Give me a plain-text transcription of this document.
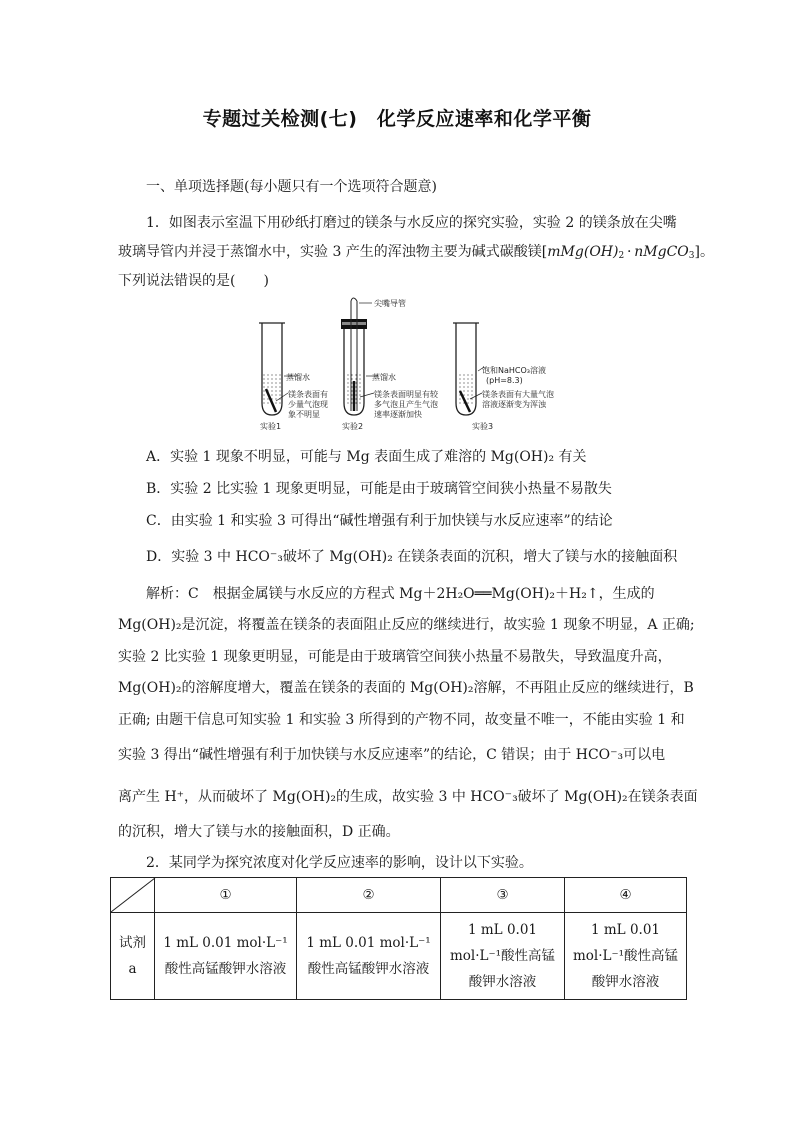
专题过关检测(七)　化学反应速率和化学平衡
一、单项选择题(每小题只有一个选项符合题意)
1．如图表示室温下用砂纸打磨过的镁条与水反应的探究实验，实验 2 的镁条放在尖嘴
玻璃导管内并浸于蒸馏水中，实验 3 产生的浑浊物主要为碱式碳酸镁[$mMg(OH)_2$  ·  nMgCO$_3$]。
下列说法错误的是(　　)
蒸馏水
镁条表面有
少量气泡现
象不明显
实验1
尖嘴导管
蒸馏水
镁条表面明显有较
多气泡且产生气泡
速率逐渐加快
实验2
饱和NaHCO₃溶液
(pH=8.3)
镁条表面有大量气泡
溶液逐渐变为浑浊
实验3
A．实验 1 现象不明显，可能与 Mg 表面生成了难溶的 Mg(OH)₂ 有关
B．实验 2 比实验 1 现象更明显，可能是由于玻璃管空间狭小热量不易散失
C．由实验 1 和实验 3 可得出“碱性增强有利于加快镁与水反应速率”的结论
D．实验 3 中 HCO⁻₃破坏了 Mg(OH)₂ 在镁条表面的沉积，增大了镁与水的接触面积
解析：C　根据金属镁与水反应的方程式 Mg＋2H₂O══Mg(OH)₂＋H₂↑，生成的
Mg(OH)₂是沉淀，将覆盖在镁条的表面阻止反应的继续进行，故实验 1 现象不明显，A 正确;
实验 2 比实验 1 现象更明显，可能是由于玻璃管空间狭小热量不易散失，导致温度升高，
Mg(OH)₂的溶解度增大，覆盖在镁条的表面的 Mg(OH)₂溶解，不再阻止反应的继续进行，B
正确; 由题干信息可知实验 1 和实验 3 所得到的产物不同，故变量不唯一，不能由实验 1 和
实验 3 得出“碱性增强有利于加快镁与水反应速率”的结论，C 错误；由于 HCO⁻₃可以电
离产生 H⁺，从而破坏了 Mg(OH)₂的生成，故实验 3 中 HCO⁻₃破坏了 Mg(OH)₂在镁条表面
的沉积，增大了镁与水的接触面积，D 正确。
2．某同学为探究浓度对化学反应速率的影响，设计以下实验。
	①	②	③	④
试剂 a	1 mL 0.01 mol·L⁻¹酸性高锰酸钾水溶液	1 mL 0.01 mol·L⁻¹酸性高锰酸钾水溶液	1 mL 0.01 mol·L⁻¹酸性高锰酸钾水溶液	1 mL 0.01 mol·L⁻¹酸性高锰酸钾水溶液
